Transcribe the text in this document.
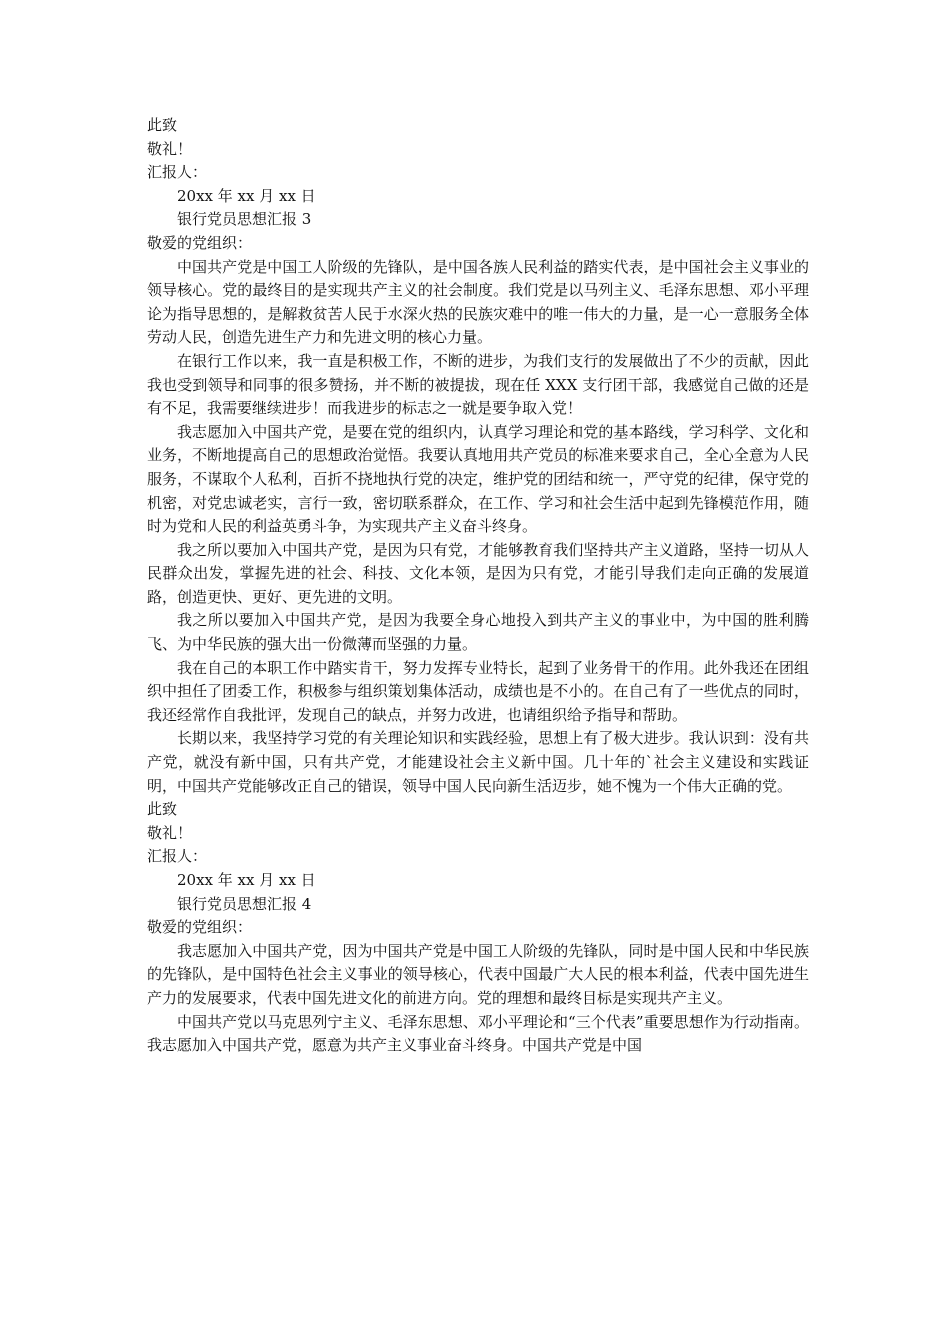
此致

敬礼！

汇报人：

20xx 年 xx 月 xx 日

银行党员思想汇报 3

敬爱的党组织：

中国共产党是中国工人阶级的先锋队，是中国各族人民利益的踏实代表，是中国社会主义事业的领导核心。党的最终目的是实现共产主义的社会制度。我们党是以马列主义、毛泽东思想、邓小平理论为指导思想的，是解救贫苦人民于水深火热的民族灾难中的唯一伟大的力量，是一心一意服务全体劳动人民，创造先进生产力和先进文明的核心力量。

在银行工作以来，我一直是积极工作，不断的进步，为我们支行的发展做出了不少的贡献，因此我也受到领导和同事的很多赞扬，并不断的被提拔，现在任 XXX 支行团干部，我感觉自己做的还是有不足，我需要继续进步！而我进步的标志之一就是要争取入党！

我志愿加入中国共产党，是要在党的组织内，认真学习理论和党的基本路线，学习科学、文化和业务，不断地提高自己的思想政治觉悟。我要认真地用共产党员的标准来要求自己，全心全意为人民服务，不谋取个人私利，百折不挠地执行党的决定，维护党的团结和统一，严守党的纪律，保守党的机密，对党忠诚老实，言行一致，密切联系群众，在工作、学习和社会生活中起到先锋模范作用，随时为党和人民的利益英勇斗争，为实现共产主义奋斗终身。

我之所以要加入中国共产党，是因为只有党，才能够教育我们坚持共产主义道路，坚持一切从人民群众出发，掌握先进的社会、科技、文化本领，是因为只有党，才能引导我们走向正确的发展道路，创造更快、更好、更先进的文明。

我之所以要加入中国共产党，是因为我要全身心地投入到共产主义的事业中，为中国的胜利腾飞、为中华民族的强大出一份微薄而坚强的力量。

我在自己的本职工作中踏实肯干，努力发挥专业特长，起到了业务骨干的作用。此外我还在团组织中担任了团委工作，积极参与组织策划集体活动，成绩也是不小的。在自己有了一些优点的同时，我还经常作自我批评，发现自己的缺点，并努力改进，也请组织给予指导和帮助。

长期以来，我坚持学习党的有关理论知识和实践经验，思想上有了极大进步。我认识到：没有共产党，就没有新中国，只有共产党，才能建设社会主义新中国。几十年的`社会主义建设和实践证明，中国共产党能够改正自己的错误，领导中国人民向新生活迈步，她不愧为一个伟大正确的党。

此致

敬礼！

汇报人：

20xx 年 xx 月 xx 日

银行党员思想汇报 4

敬爱的党组织：

我志愿加入中国共产党，因为中国共产党是中国工人阶级的先锋队，同时是中国人民和中华民族的先锋队，是中国特色社会主义事业的领导核心，代表中国最广大人民的根本利益，代表中国先进生产力的发展要求，代表中国先进文化的前进方向。党的理想和最终目标是实现共产主义。

中国共产党以马克思列宁主义、毛泽东思想、邓小平理论和“三个代表”重要思想作为行动指南。我志愿加入中国共产党，愿意为共产主义事业奋斗终身。中国共产党是中国
